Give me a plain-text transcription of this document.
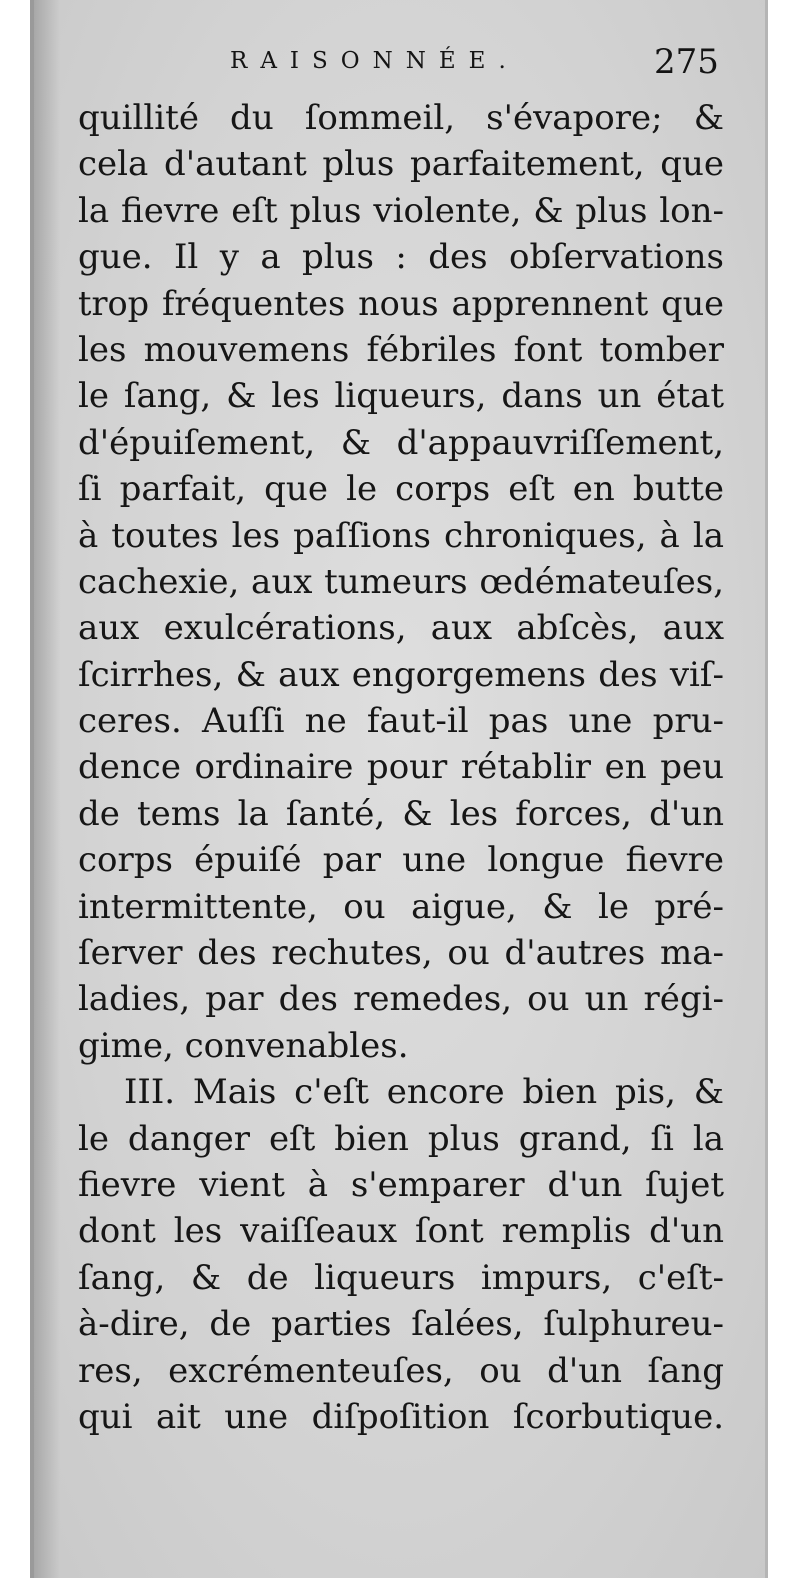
RAISONNÉE.	275
quillité du ſommeil, s'évapore; &
cela d'autant plus parfaitement, que
la fievre eſt plus violente, & plus lon-
gue. Il y a plus : des obſervations
trop fréquentes nous apprennent que
les mouvemens fébriles font tomber
le ſang, & les liqueurs, dans un état
d'épuiſement, & d'appauvriſſement,
ſi parfait, que le corps eſt en butte
à toutes les paſſions chroniques, à la
cachexie, aux tumeurs œdémateuſes,
aux exulcérations, aux abſcès, aux
ſcirrhes, & aux engorgemens des viſ-
ceres. Auſſi ne faut-il pas une pru-
dence ordinaire pour rétablir en peu
de tems la ſanté, & les forces, d'un
corps épuiſé par une longue fievre
intermittente, ou aigue, & le pré-
ſerver des rechutes, ou d'autres ma-
ladies, par des remedes, ou un régi-
gime, convenables.
III. Mais c'eſt encore bien pis, &
le danger eſt bien plus grand, ſi la
fievre vient à s'emparer d'un ſujet
dont les vaiſſeaux ſont remplis d'un
ſang, & de liqueurs impurs, c'eſt-
à-dire, de parties ſalées, ſulphureu-
res, excrémenteuſes, ou d'un ſang
qui ait une diſpoſition ſcorbutique.
